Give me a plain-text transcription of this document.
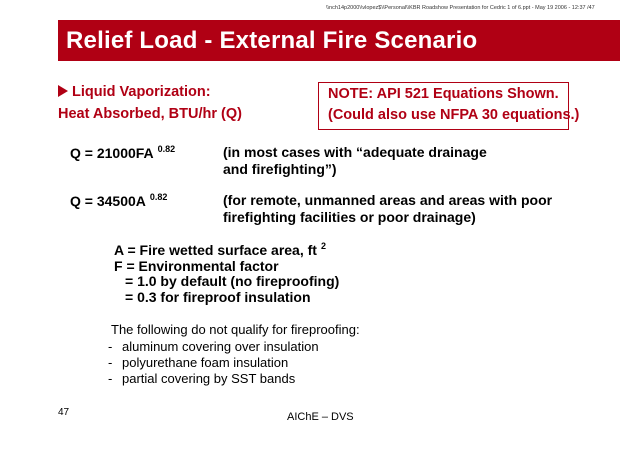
\\nch14p2000\\vlopez$\\Personal\\KBR Roadshow Presentation for Cedric 1 of 6.ppt - May 19 2006 - 12:37 /47
Relief Load - External Fire Scenario
Liquid Vaporization:
Heat Absorbed, BTU/hr (Q)
NOTE: API 521 Equations Shown.
(Could also use NFPA 30 equations.)
Q = 21000FA $^{0.82}$	(in most cases with “adequate drainage
and firefighting”)
Q = 34500A $^{0.82}$	(for remote, unmanned areas and areas with poor
firefighting facilities or poor drainage)
A = Fire wetted surface area, ft $^2$
F = Environmental factor
= 1.0 by default (no fireproofing)
= 0.3 for fireproof insulation
The following do not qualify for fireproofing:
- aluminum covering over insulation
- polyurethane foam insulation
- partial covering by SST bands
47	AIChE – DVS
